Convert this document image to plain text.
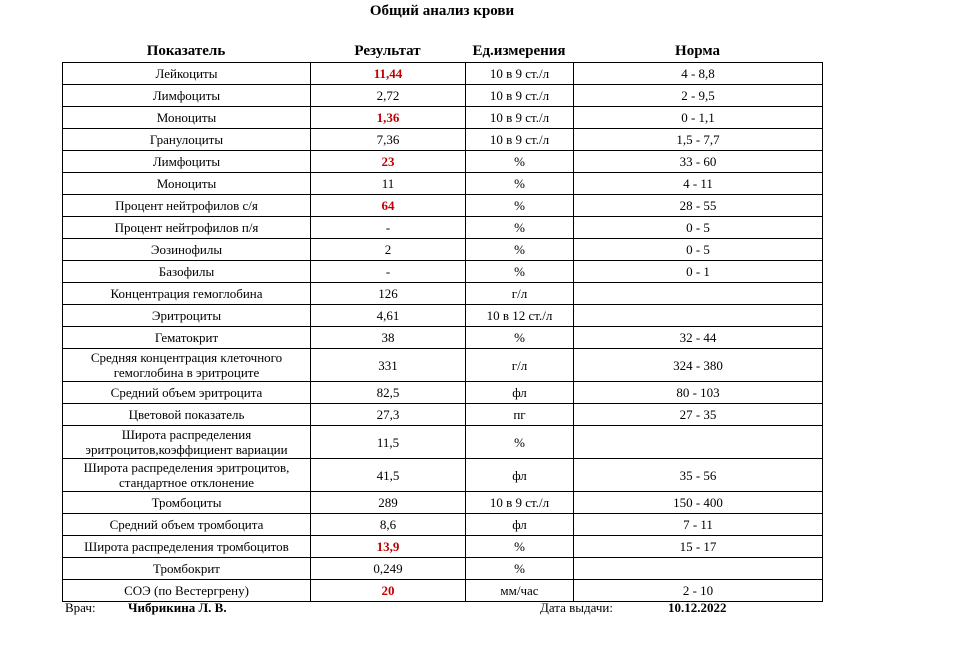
Общий анализ крови
Показатель	Результат	Ед.измерения	Норма
Лейкоциты	11,44	10 в 9 ст./л	4 - 8,8
Лимфоциты	2,72	10 в 9 ст./л	2 - 9,5
Моноциты	1,36	10 в 9 ст./л	0 - 1,1
Гранулоциты	7,36	10 в 9 ст./л	1,5 - 7,7
Лимфоциты	23	%	33 - 60
Моноциты	11	%	4 - 11
Процент нейтрофилов с/я	64	%	28 - 55
Процент нейтрофилов п/я	-	%	0 - 5
Эозинофилы	2	%	0 - 5
Базофилы	-	%	0 - 1
Концентрация гемоглобина	126	г/л	
Эритроциты	4,61	10 в 12 ст./л	
Гематокрит	38	%	32 - 44
Средняя концентрация клеточного гемоглобина в эритроците	331	г/л	324 - 380
Средний объем эритроцита	82,5	фл	80 - 103
Цветовой показатель	27,3	пг	27 - 35
Широта распределения эритроцитов,коэффициент вариации	11,5	%	
Широта распределения эритроцитов, стандартное отклонение	41,5	фл	35 - 56
Тромбоциты	289	10 в 9 ст./л	150 - 400
Средний объем тромбоцита	8,6	фл	7 - 11
Широта распределения тромбоцитов	13,9	%	15 - 17
Тромбокрит	0,249	%	
СОЭ (по Вестергрену)	20	мм/час	2 - 10
Врач: Чибрикина Л. В.	Дата выдачи:	10.12.2022
